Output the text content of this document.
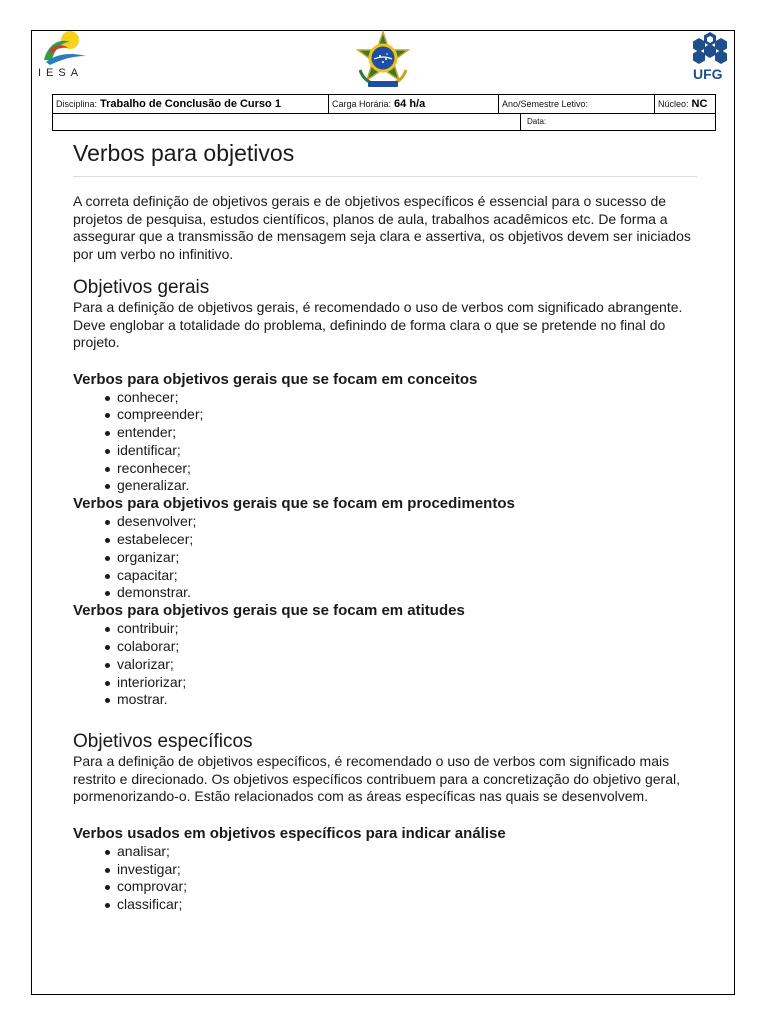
IESA	UFG
Disciplina: Trabalho de Conclusão de Curso 1	Carga Horária: 64 h/a	Ano/Semestre Letivo:	Núcleo: NC
Data:
Verbos para objetivos

A correta definição de objetivos gerais e de objetivos específicos é essencial para o sucesso de projetos de pesquisa, estudos científicos, planos de aula, trabalhos acadêmicos etc. De forma a assegurar que a transmissão de mensagem seja clara e assertiva, os objetivos devem ser iniciados por um verbo no infinitivo.

Objetivos gerais

Para a definição de objetivos gerais, é recomendado o uso de verbos com significado abrangente. Deve englobar a totalidade do problema, definindo de forma clara o que se pretende no final do projeto.

Verbos para objetivos gerais que se focam em conceitos
conhecer;
compreender;
entender;
identificar;
reconhecer;
generalizar.
Verbos para objetivos gerais que se focam em procedimentos
desenvolver;
estabelecer;
organizar;
capacitar;
demonstrar.
Verbos para objetivos gerais que se focam em atitudes
contribuir;
colaborar;
valorizar;
interiorizar;
mostrar.
Objetivos específicos

Para a definição de objetivos específicos, é recomendado o uso de verbos com significado mais restrito e direcionado. Os objetivos específicos contribuem para a concretização do objetivo geral, pormenorizando-o. Estão relacionados com as áreas específicas nas quais se desenvolvem.

Verbos usados em objetivos específicos para indicar análise
analisar;
investigar;
comprovar;
classificar;
